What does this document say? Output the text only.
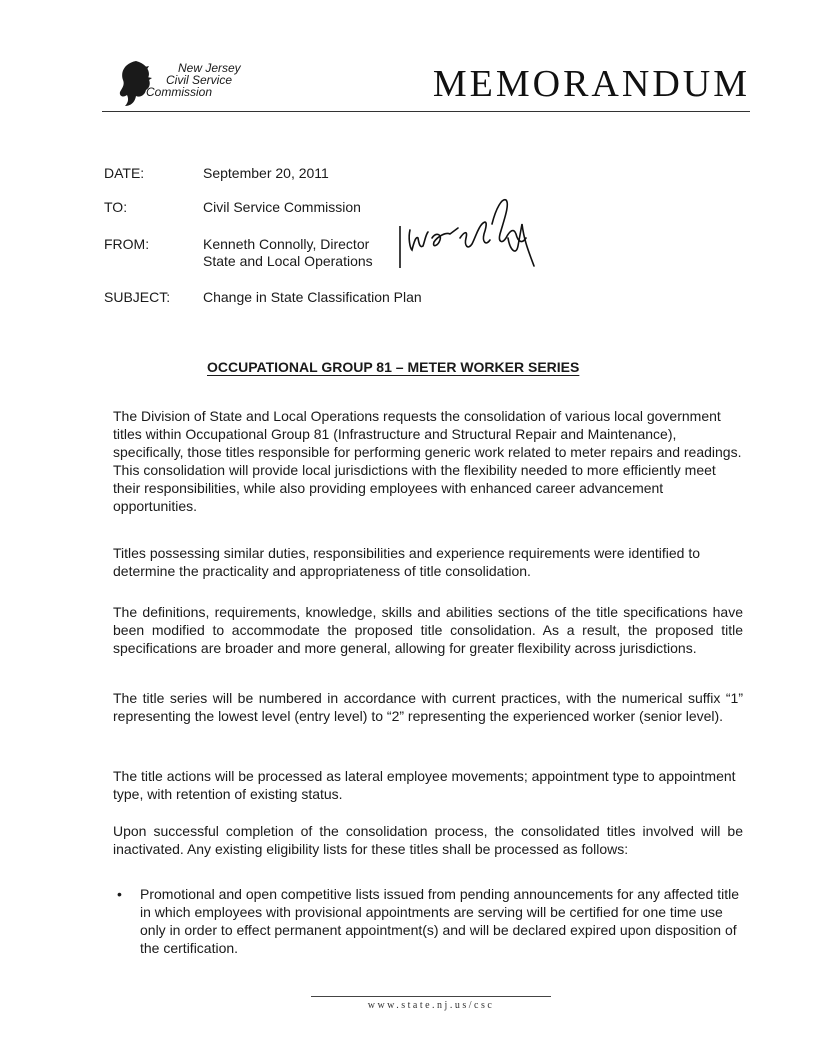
New Jersey
Civil Service
Commission	MEMORANDUM
DATE:	September 20, 2011
TO:	Civil Service Commission
FROM:	Kenneth Connolly, Director
State and Local Operations
SUBJECT: Change in State Classification Plan
OCCUPATIONAL GROUP 81 – METER WORKER SERIES
The Division of State and Local Operations requests the consolidation of various local government titles within Occupational Group 81 (Infrastructure and Structural Repair and Maintenance), specifically, those titles responsible for performing generic work related to meter repairs and readings. This consolidation will provide local jurisdictions with the flexibility needed to more efficiently meet their responsibilities, while also providing employees with enhanced career advancement opportunities.
Titles possessing similar duties, responsibilities and experience requirements were identified to determine the practicality and appropriateness of title consolidation.
The definitions, requirements, knowledge, skills and abilities sections of the title specifications have been modified to accommodate the proposed title consolidation. As a result, the proposed title specifications are broader and more general, allowing for greater flexibility across jurisdictions.
The title series will be numbered in accordance with current practices, with the numerical suffix “1” representing the lowest level (entry level) to “2” representing the experienced worker (senior level).
The title actions will be processed as lateral employee movements; appointment type to appointment type, with retention of existing status.
Upon successful completion of the consolidation process, the consolidated titles involved will be inactivated. Any existing eligibility lists for these titles shall be processed as follows:
• Promotional and open competitive lists issued from pending announcements for any affected title in which employees with provisional appointments are serving will be certified for one time use only in order to effect permanent appointment(s) and will be declared expired upon disposition of the certification.
www.state.nj.us/csc
